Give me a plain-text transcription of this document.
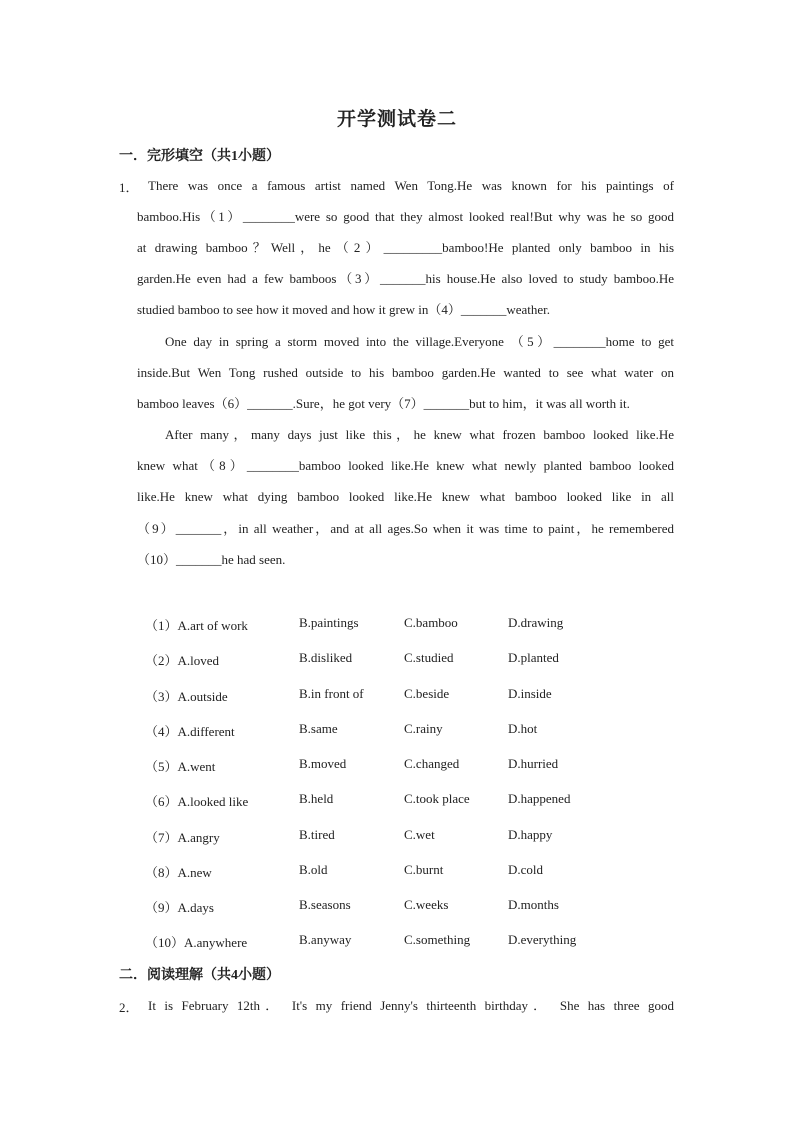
开学测试卷二
一．完形填空（共1小题）
1． There was once a famous artist named Wen Tong.He was known for his paintings of
bamboo.His（1）________were so good that they almost looked real!But why was he so good
at drawing bamboo？Well，he（2）_________bamboo!He planted only bamboo in his
garden.He even had a few bamboos（3）_______his house.He also loved to study bamboo.He
studied bamboo to see how it moved and how it grew in（4）_______weather.
One day in spring a storm moved into the village.Everyone （5）________home to get
inside.But Wen Tong rushed outside to his bamboo garden.He wanted to see what water on
bamboo leaves（6）_______.Sure，he got very（7）_______but to him，it was all worth it.
After many，many days just like this，he knew what frozen bamboo looked like.He
knew what（8）________bamboo looked like.He knew what newly planted bamboo looked
like.He knew what dying bamboo looked like.He knew what bamboo looked like in all
（9）_______，in all weather，and at all ages.So when it was time to paint，he remembered
（10）_______he had seen.
（1）A.art of work	B.paintings	C.bamboo	D.drawing
（2）A.loved	B.disliked	C.studied	D.planted
（3）A.outside	B.in front of	C.beside	D.inside
（4）A.different	B.same	C.rainy	D.hot
（5）A.went	B.moved	C.changed	D.hurried
（6）A.looked like	B.held	C.took place	D.happened
（7）A.angry	B.tired	C.wet	D.happy
（8）A.new	B.old	C.burnt	D.cold
（9）A.days	B.seasons	C.weeks	D.months
（10）A.anywhere	B.anyway	C.something	D.everything
二．阅读理解（共4小题）
2． It is February 12th． It's my friend Jenny's thirteenth birthday． She has three good
